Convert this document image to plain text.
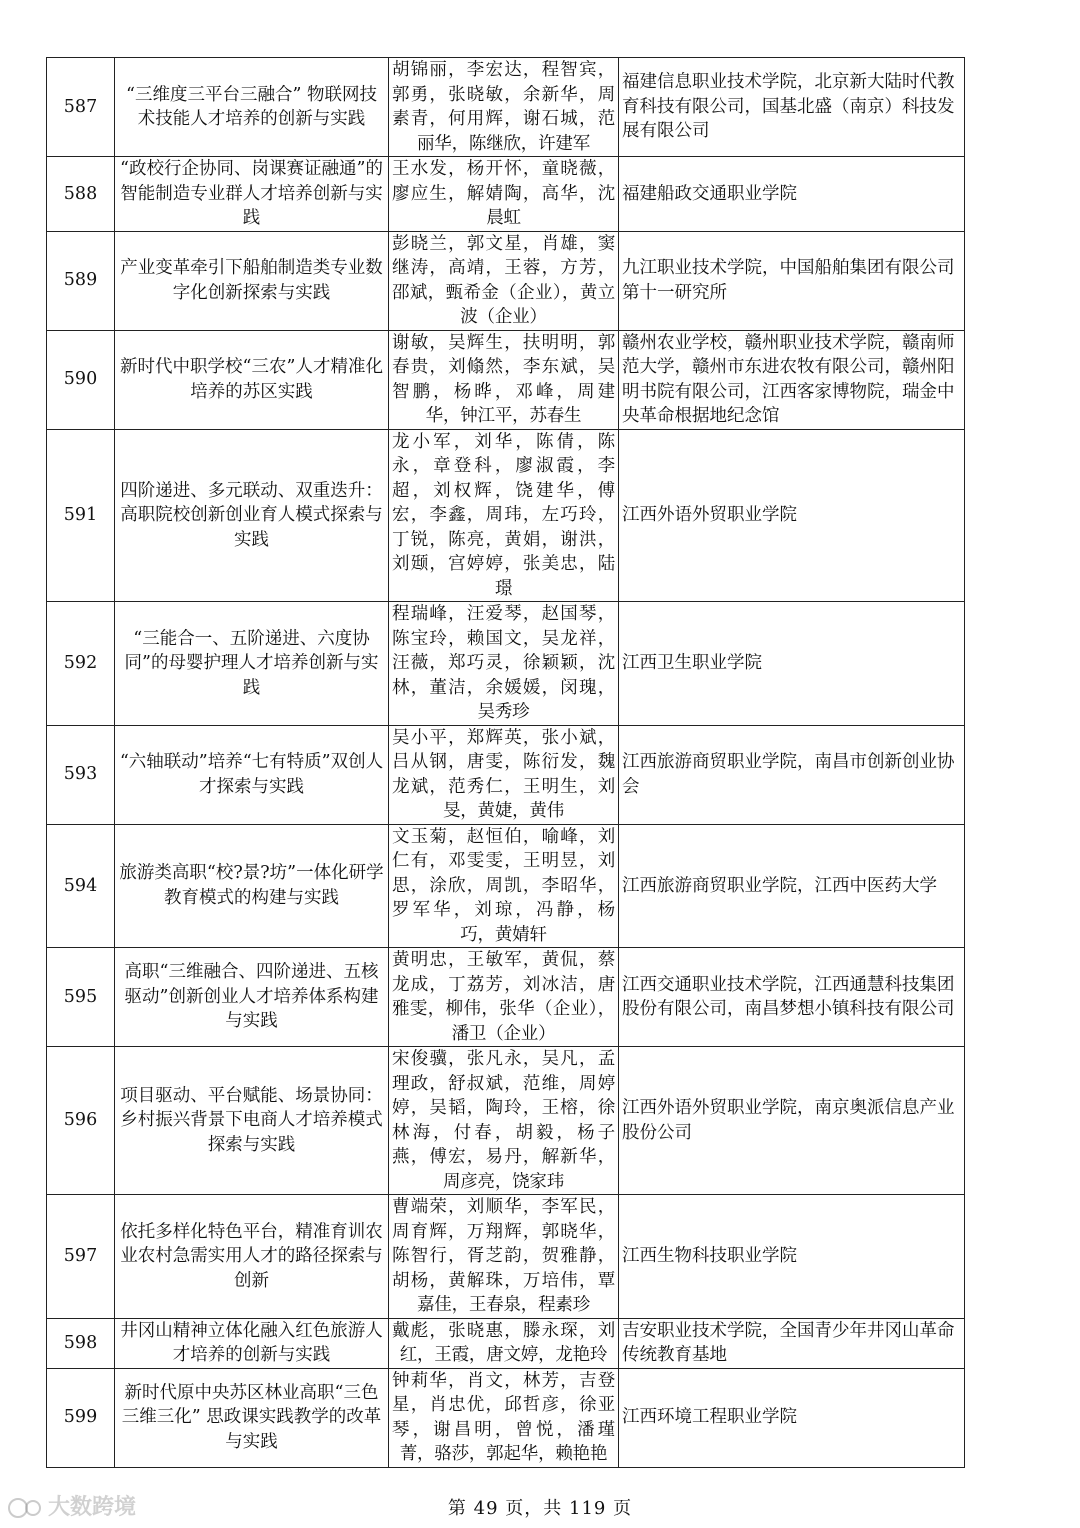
587	“三维度三平台三融合” 物联网技术技能人才培养的创新与实践	胡锦丽，李宏达，程智宾，郭勇，张晓敏，余新华，周素青，何用辉，谢石城，范丽华，陈继欣，许建军	福建信息职业技术学院，北京新大陆时代教育科技有限公司，国基北盛（南京）科技发展有限公司
588	“政校行企协同、岗课赛证融通”的智能制造专业群人才培养创新与实践	王水发，杨开怀，童晓薇，廖应生，解婧陶，高华，沈晨虹	福建船政交通职业学院
589	产业变革牵引下船舶制造类专业数字化创新探索与实践	彭晓兰，郭文星，肖雄，窦继涛，高靖，王蓉，方芳，邵斌，甄希金（企业），黄立波（企业）	九江职业技术学院，中国船舶集团有限公司第十一研究所
590	新时代中职学校“三农”人才精准化培养的苏区实践	谢敏，吴辉生，扶明明，郭春贵，刘翛然，李东斌，吴智鹏，杨晔，邓峰，周建华，钟江平，苏春生	赣州农业学校，赣州职业技术学院，赣南师范大学，赣州市东进农牧有限公司，赣州阳明书院有限公司，江西客家博物院，瑞金中央革命根据地纪念馆
591	四阶递进、多元联动、双重迭升：高职院校创新创业育人模式探索与实践	龙小军，刘华，陈倩，陈永，章登科，廖淑霞，李超，刘权辉，饶建华，傅宏，李鑫，周玮，左巧玲，丁锐，陈亮，黄娟，谢洪，刘颋，宫婷婷，张美忠，陆璟	江西外语外贸职业学院
592	“三能合一、五阶递进、六度协同”的母婴护理人才培养创新与实践	程瑞峰，汪爱琴，赵国琴，陈宝玲，赖国文，吴龙祥，汪薇，郑巧灵，徐颖颖，沈林，董洁，余媛媛，闵瑰，吴秀珍	江西卫生职业学院
593	“六轴联动”培养“七有特质”双创人才探索与实践	吴小平，郑辉英，张小斌，吕从钢，唐雯，陈衍发，魏龙斌，范秀仁，王明生，刘旻，黄婕，黄伟	江西旅游商贸职业学院，南昌市创新创业协会
594	旅游类高职“校?景?坊”一体化研学教育模式的构建与实践	文玉菊，赵恒伯，喻峰，刘仁有，邓雯雯，王明昱，刘思，涂欣，周凯，李昭华，罗军华，刘琼，冯静，杨巧，黄婧轩	江西旅游商贸职业学院，江西中医药大学
595	高职“三维融合、四阶递进、五核驱动”创新创业人才培养体系构建与实践	黄明忠，王敏军，黄侃，蔡龙成，丁荔芳，刘冰洁，唐雅雯，柳伟，张华（企业），潘卫（企业）	江西交通职业技术学院，江西通慧科技集团股份有限公司，南昌梦想小镇科技有限公司
596	项目驱动、平台赋能、场景协同：乡村振兴背景下电商人才培养模式探索与实践	宋俊骥，张凡永，吴凡，孟理政，舒叔斌，范维，周婷婷，吴韬，陶玲，王榕，徐林海，付春，胡毅，杨子燕，傅宏，易丹，解新华，周彦亮，饶家玮	江西外语外贸职业学院，南京奥派信息产业股份公司
597	依托多样化特色平台，精准育训农业农村急需实用人才的路径探索与创新	曹端荣，刘顺华，李军民，周育辉，万翔辉，郭晓华，陈智行，胥芝韵，贺雅静，胡杨，黄解珠，万培伟，覃嘉佳，王春泉，程素珍	江西生物科技职业学院
598	井冈山精神立体化融入红色旅游人才培养的创新与实践	戴彪，张晓惠，滕永琛，刘红，王霞，唐文婷，龙艳玲	吉安职业技术学院，全国青少年井冈山革命传统教育基地
599	新时代原中央苏区林业高职“三色三维三化” 思政课实践教学的改革与实践	钟莉华，肖文，林芳，吉登星，肖忠优，邱哲彦，徐亚琴，谢昌明，曾悦，潘瑾菁，骆莎，郭起华，赖艳艳	江西环境工程职业学院
大数跨境	第 49 页，共 119 页
